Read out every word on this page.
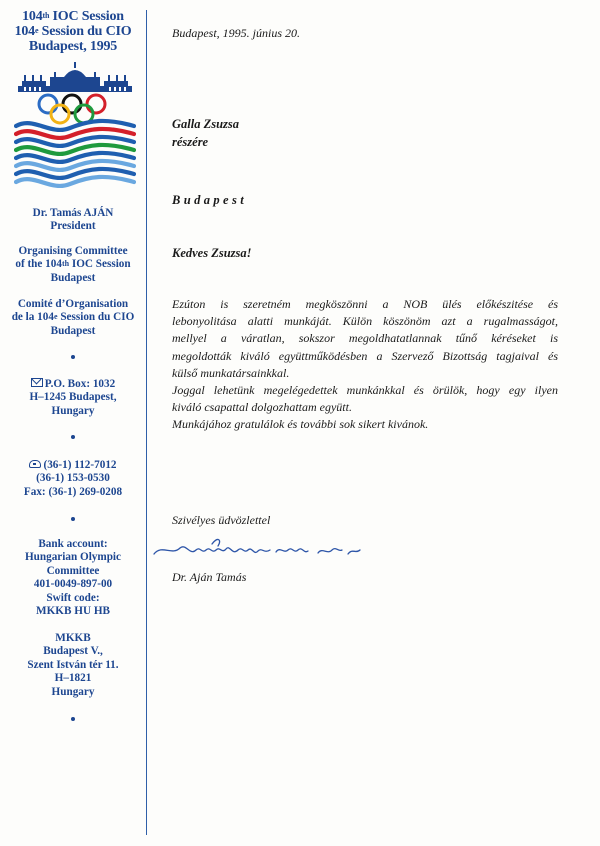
104th IOC Session
104e Session du CIO
Budapest, 1995
Dr. Tamás AJÁN
President
Organising Committee
of the 104th IOC Session
Budapest
Comité d’Organisation
de la 104e Session du CIO
Budapest
P.O. Box: 1032
H–1245 Budapest,
Hungary
(36-1) 112-7012
(36-1) 153-0530
Fax: (36-1) 269-0208
Bank account:
Hungarian Olympic
Committee
401-0049-897-00
Swift code:
MKKB HU HB
MKKB
Budapest V.,
Szent István tér 11.
H–1821
Hungary
Budapest, 1995. június 20.
Galla Zsuzsa
részére
Budapest
Kedves Zsuzsa!

Ezúton is szeretném megköszönni a NOB ülés előkészitése és

lebonyolitása alatti munkáját. Külön köszönöm azt a rugalmasságot,

mellyel a váratlan, sokszor megoldhatatlannak tűnő kéréseket is

megoldották kiváló együttműködésben a Szervező Bizottság tagjaival és

külső munkatársainkkal.

Joggal lehetünk megelégedettek munkánkkal és örülök, hogy egy ilyen

kiváló csapattal dolgozhattam együtt.

Munkájához gratulálok és további sok sikert kivánok.

Szivélyes üdvözlettel
Dr. Aján Tamás
